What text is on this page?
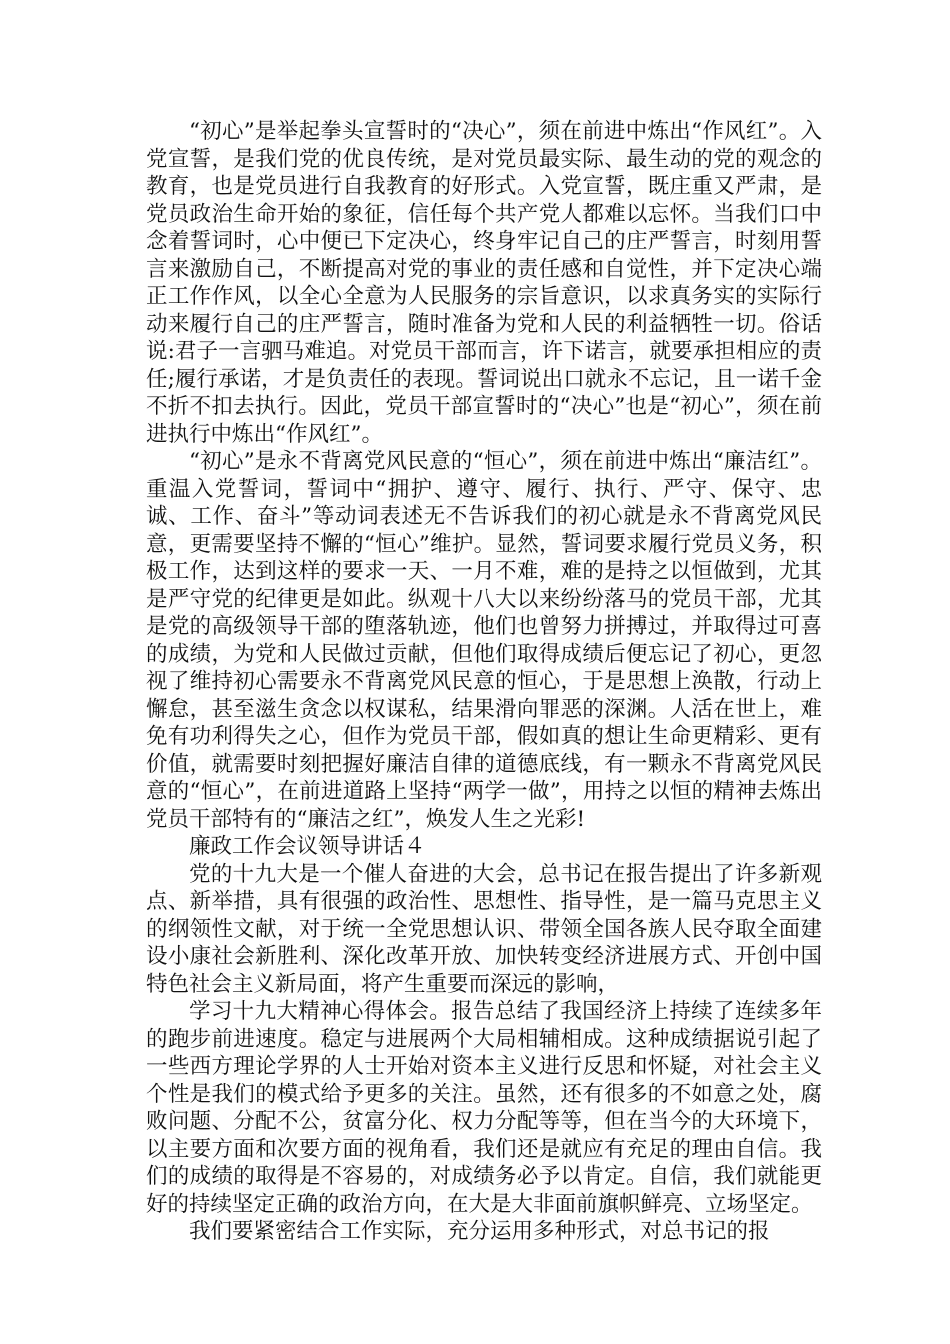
“初心”是举起拳头宣誓时的“决心”，须在前进中炼出“作风红”。入党宣誓，是我们党的优良传统，是对党员最实际、最生动的党的观念的教育，也是党员进行自我教育的好形式。入党宣誓，既庄重又严肃，是党员政治生命开始的象征，信任每个共产党人都难以忘怀。当我们口中念着誓词时，心中便已下定决心，终身牢记自己的庄严誓言，时刻用誓言来激励自己，不断提高对党的事业的责任感和自觉性，并下定决心端正工作作风，以全心全意为人民服务的宗旨意识，以求真务实的实际行动来履行自己的庄严誓言，随时准备为党和人民的利益牺牲一切。俗话说:君子一言驷马难追。对党员干部而言，许下诺言，就要承担相应的责任;履行承诺，才是负责任的表现。誓词说出口就永不忘记，且一诺千金不折不扣去执行。因此，党员干部宣誓时的“决心”也是“初心”，须在前进执行中炼出“作风红”。

“初心”是永不背离党风民意的“恒心”，须在前进中炼出“廉洁红”。重温入党誓词，誓词中“拥护、遵守、履行、执行、严守、保守、忠诚、工作、奋斗”等动词表述无不告诉我们的初心就是永不背离党风民意，更需要坚持不懈的“恒心”维护。显然，誓词要求履行党员义务，积极工作，达到这样的要求一天、一月不难，难的是持之以恒做到，尤其是严守党的纪律更是如此。纵观十八大以来纷纷落马的党员干部，尤其是党的高级领导干部的堕落轨迹，他们也曾努力拼搏过，并取得过可喜的成绩，为党和人民做过贡献，但他们取得成绩后便忘记了初心，更忽视了维持初心需要永不背离党风民意的恒心，于是思想上涣散，行动上懈怠，甚至滋生贪念以权谋私，结果滑向罪恶的深渊。人活在世上，难免有功利得失之心，但作为党员干部，假如真的想让生命更精彩、更有价值，就需要时刻把握好廉洁自律的道德底线，有一颗永不背离党风民意的“恒心”，在前进道路上坚持“两学一做”，用持之以恒的精神去炼出党员干部特有的“廉洁之红”，焕发人生之光彩!

廉政工作会议领导讲话４

党的十九大是一个催人奋进的大会，总书记在报告提出了许多新观点、新举措，具有很强的政治性、思想性、指导性，是一篇马克思主义的纲领性文献，对于统一全党思想认识、带领全国各族人民夺取全面建设小康社会新胜利、深化改革开放、加快转变经济进展方式、开创中国特色社会主义新局面，将产生重要而深远的影响，

学习十九大精神心得体会。报告总结了我国经济上持续了连续多年的跑步前进速度。稳定与进展两个大局相辅相成。这种成绩据说引起了一些西方理论学界的人士开始对资本主义进行反思和怀疑，对社会主义个性是我们的模式给予更多的关注。虽然，还有很多的不如意之处，腐败问题、分配不公，贫富分化、权力分配等等，但在当今的大环境下，以主要方面和次要方面的视角看，我们还是就应有充足的理由自信。我们的成绩的取得是不容易的，对成绩务必予以肯定。自信，我们就能更好的持续坚定正确的政治方向，在大是大非面前旗帜鲜亮、立场坚定。

我们要紧密结合工作实际，充分运用多种形式，对总书记的报
